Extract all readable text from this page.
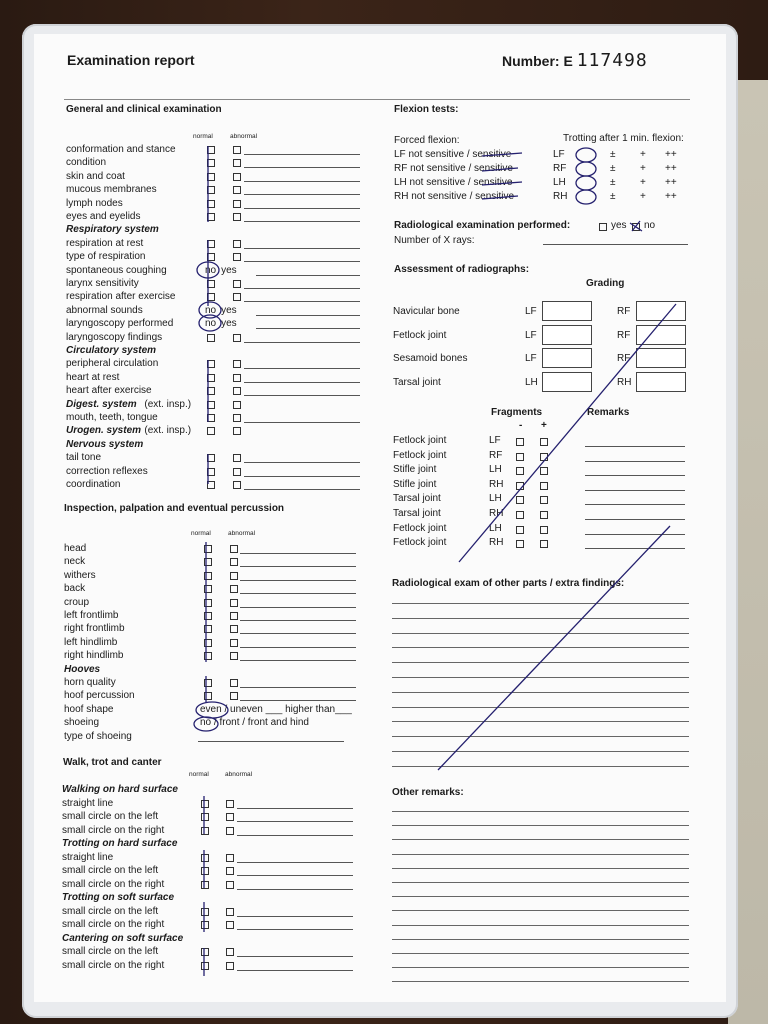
Examination report	Number: E 117498
General and clinical examination
normal	abnormal
conformation and stance
condition
skin and coat
mucous membranes
lymph nodes
eyes and eyelids
Respiratory system
respiration at rest
type of respiration
spontaneous coughing	no yes
larynx sensitivity
respiration after exercise
abnormal sounds	no yes
laryngoscopy performed	no yes
laryngoscopy findings
Circulatory system
peripheral circulation
heart at rest
heart after exercise
Digest. system (ext. insp.)
mouth, teeth, tongue
Urogen. system (ext. insp.)
Nervous system
tail tone
correction reflexes
coordination
Inspection, palpation and eventual percussion
normal	abnormal
head
neck
withers
back
croup
left frontlimb
right frontlimb
left hindlimb
right hindlimb
Hooves
horn quality
hoof percussion
hoof shape	even / uneven ___ higher than___
shoeing	no / front / front and hind
type of shoeing
Walk, trot and canter
normal abnormal
Walking on hard surface
straight line
small circle on the left
small circle on the right
Trotting on hard surface
straight line
small circle on the left
small circle on the right
Trotting on soft surface
small circle on the left
small circle on the right
Cantering on soft surface
small circle on the left
small circle on the right
Flexion tests:
Forced flexion:	Trotting after 1 min. flexion:
LF not sensitive / sensitive	LF	± + ++
RF not sensitive / sensitive	RF	± + ++
LH not sensitive / sensitive	LH	± + ++
RH not sensitive / sensitive	RH	± + ++
Radiological examination performed:	yes no
Number of X rays:
Assessment of radiographs:
Grading
Navicular bone	LF	RF
Fetlock joint	LF	RF
Sesamoid bones	LF	RF
Tarsal joint	LH	RH
Fragments	Remarks
- +
Fetlock joint	LF
Fetlock joint	RF
Stifle joint	LH
Stifle joint	RH
Tarsal joint	LH
Tarsal joint	RH
Fetlock joint	LH
Fetlock joint	RH
Radiological exam of other parts / extra findings:
Other remarks:
